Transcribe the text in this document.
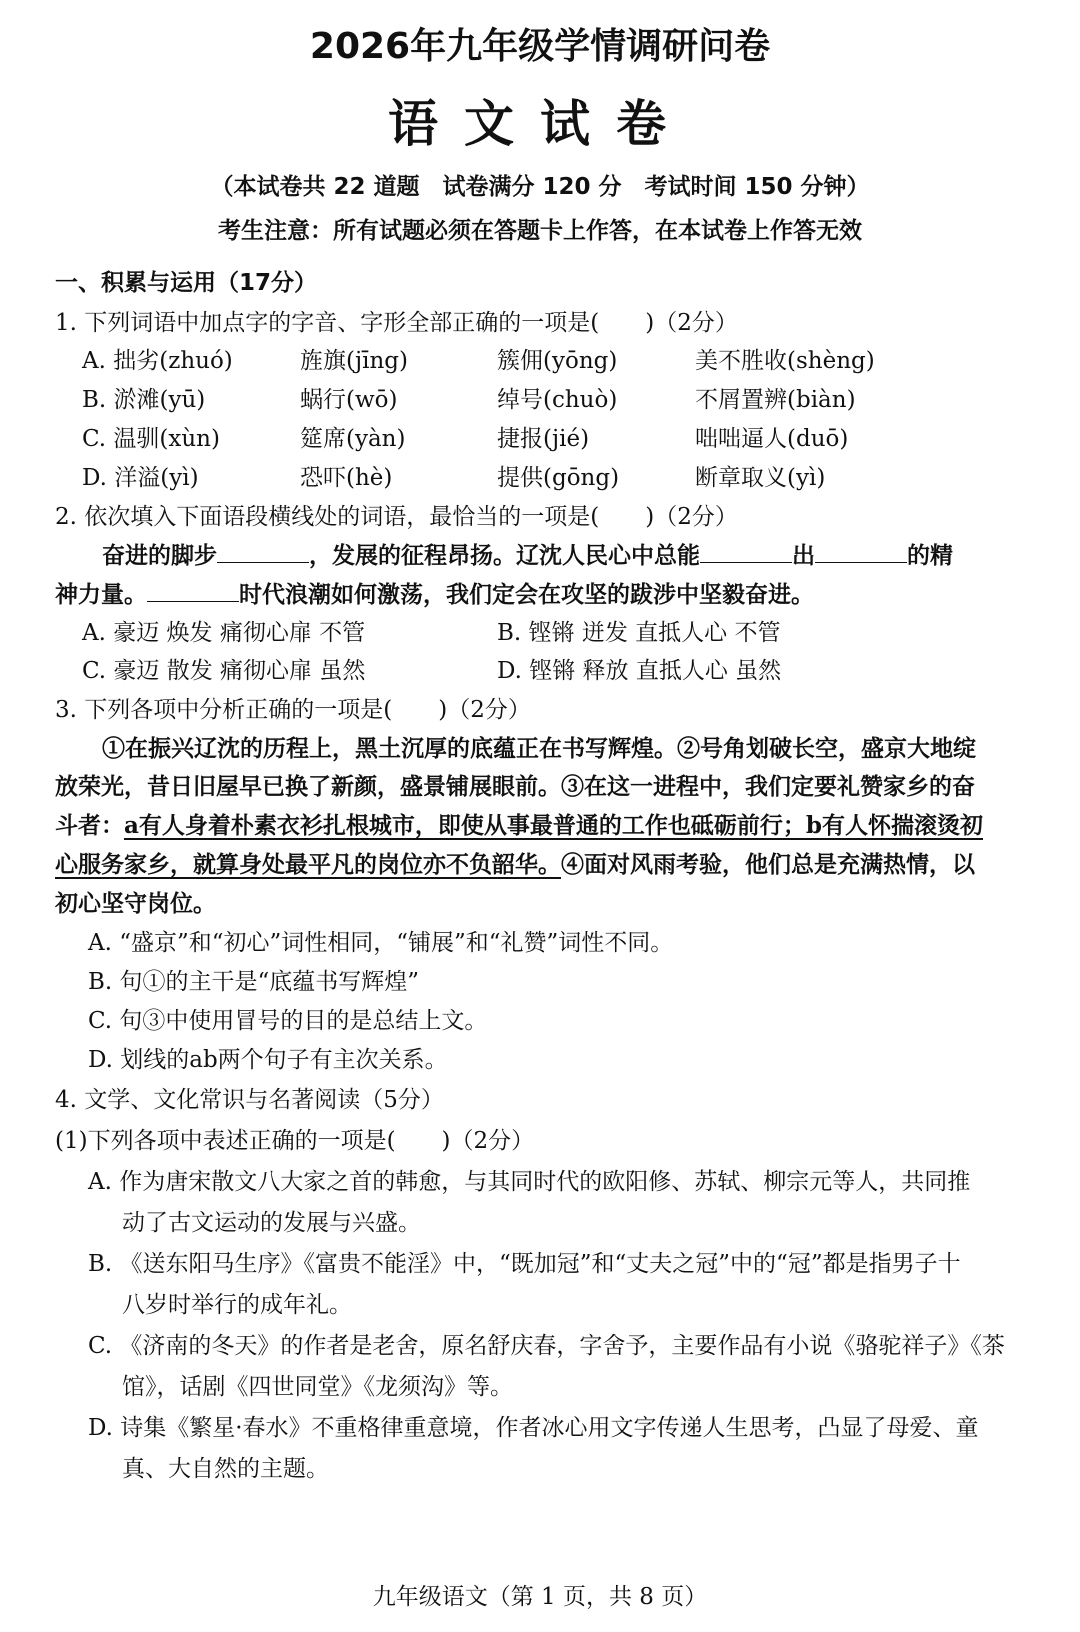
2026年九年级学情调研问卷
语文试卷
（本试卷共 22 道题　试卷满分 120 分　考试时间 150 分钟）
考生注意：所有试题必须在答题卡上作答，在本试卷上作答无效
一、积累与运用（17分）
1. 下列词语中加点字的字音、字形全部正确的一项是(　　)（2分）
A. 拙劣(zhuó)	旌旗(jīng)	簇佣(yōng)	美不胜收(shèng)
B. 淤滩(yū)	蜗行(wō)	绰号(chuò)	不屑置辨(biàn)
C. 温驯(xùn)	筵席(yàn)	捷报(jié)	咄咄逼人(duō)
D. 洋溢(yì)	恐吓(hè)	提供(gōng)	断章取义(yì)
2. 依次填入下面语段横线处的词语，最恰当的一项是(　　)（2分）
奋进的脚步	，发展的征程昂扬。辽沈人民心中总能	出	的精
神力量。	时代浪潮如何激荡，我们定会在攻坚的跋涉中坚毅奋进。
A. 豪迈 焕发 痛彻心扉 不管	B. 铿锵 迸发 直抵人心 不管
C. 豪迈 散发 痛彻心扉 虽然	D. 铿锵 释放 直抵人心 虽然
3. 下列各项中分析正确的一项是(　　)（2分）
①在振兴辽沈的历程上，黑土沉厚的底蕴正在书写辉煌。②号角划破长空，盛京大地绽
放荣光，昔日旧屋早已换了新颜，盛景铺展眼前。③在这一进程中，我们定要礼赞家乡的奋
斗者：a有人身着朴素衣衫扎根城市，即使从事最普通的工作也砥砺前行；b有人怀揣滚烫初
心服务家乡，就算身处最平凡的岗位亦不负韶华。④面对风雨考验，他们总是充满热情，以
初心坚守岗位。
A. “盛京”和“初心”词性相同，“铺展”和“礼赞”词性不同。
B. 句①的主干是“底蕴书写辉煌”
C. 句③中使用冒号的目的是总结上文。
D. 划线的ab两个句子有主次关系。
4. 文学、文化常识与名著阅读（5分）
(1)下列各项中表述正确的一项是(　　)（2分）
A. 作为唐宋散文八大家之首的韩愈，与其同时代的欧阳修、苏轼、柳宗元等人，共同推
动了古文运动的发展与兴盛。
B. 《送东阳马生序》《富贵不能淫》中，“既加冠”和“丈夫之冠”中的“冠”都是指男子十
八岁时举行的成年礼。
C. 《济南的冬天》的作者是老舍，原名舒庆春，字舍予，主要作品有小说《骆驼祥子》《茶
馆》，话剧《四世同堂》《龙须沟》等。
D. 诗集《繁星·春水》不重格律重意境，作者冰心用文字传递人生思考，凸显了母爱、童
真、大自然的主题。
九年级语文（第 1 页，共 8 页）
